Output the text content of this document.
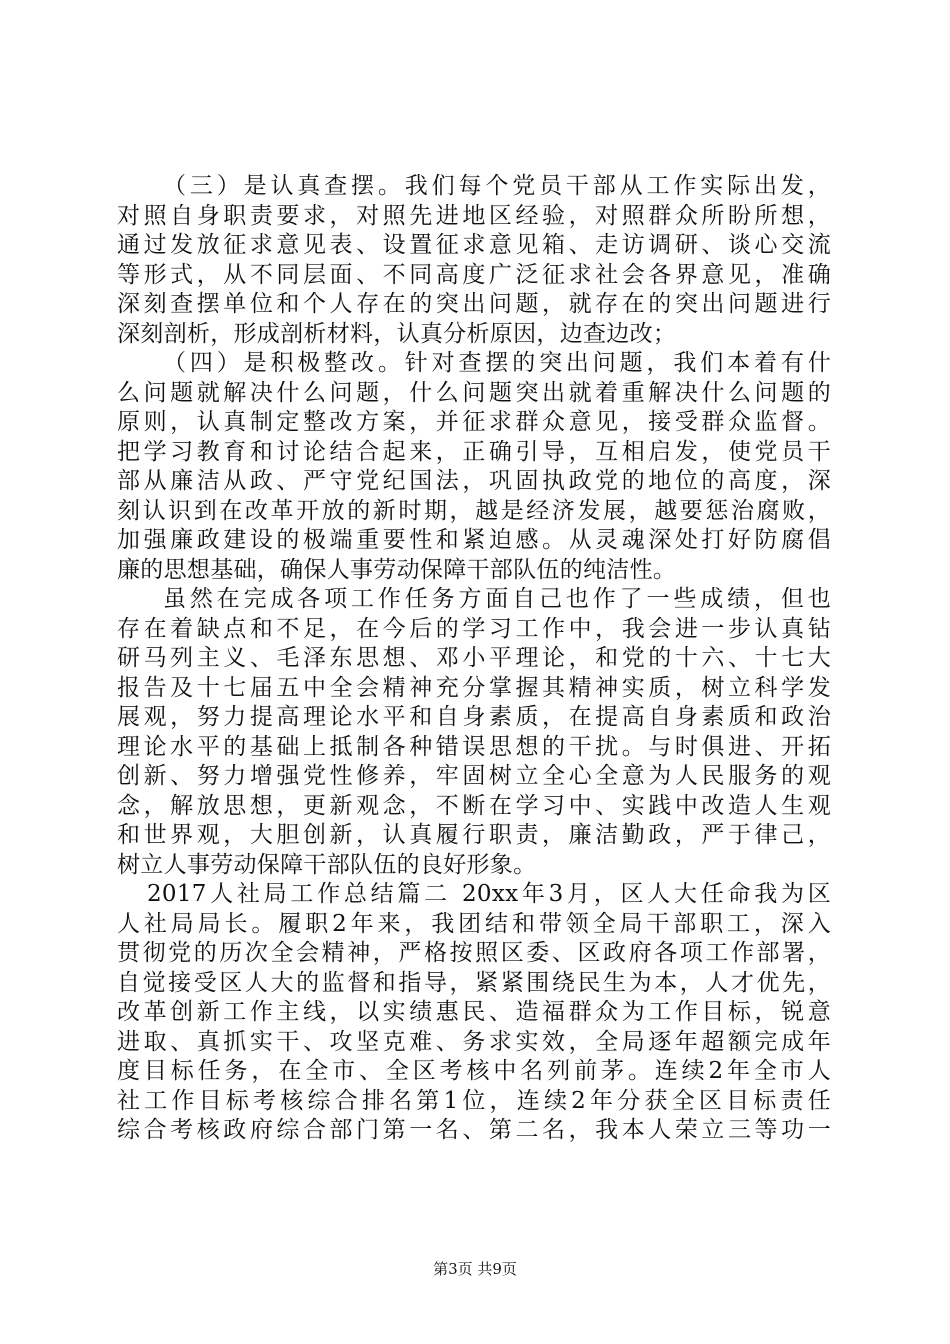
（三）是认真查摆。我们每个党员干部从工作实际出发，
对照自身职责要求，对照先进地区经验，对照群众所盼所想，
通过发放征求意见表、设置征求意见箱、走访调研、谈心交流
等形式，从不同层面、不同高度广泛征求社会各界意见，准确
深刻查摆单位和个人存在的突出问题，就存在的突出问题进行
深刻剖析，形成剖析材料，认真分析原因，边查边改；
（四）是积极整改。针对查摆的突出问题，我们本着有什
么问题就解决什么问题，什么问题突出就着重解决什么问题的
原则，认真制定整改方案，并征求群众意见，接受群众监督。
把学习教育和讨论结合起来，正确引导，互相启发，使党员干
部从廉洁从政、严守党纪国法，巩固执政党的地位的高度，深
刻认识到在改革开放的新时期，越是经济发展，越要惩治腐败，
加强廉政建设的极端重要性和紧迫感。从灵魂深处打好防腐倡
廉的思想基础，确保人事劳动保障干部队伍的纯洁性。
虽然在完成各项工作任务方面自己也作了一些成绩，但也
存在着缺点和不足，在今后的学习工作中，我会进一步认真钻
研马列主义、毛泽东思想、邓小平理论，和党的十六、十七大
报告及十七届五中全会精神充分掌握其精神实质，树立科学发
展观，努力提高理论水平和自身素质，在提高自身素质和政治
理论水平的基础上抵制各种错误思想的干扰。与时俱进、开拓
创新、努力增强党性修养，牢固树立全心全意为人民服务的观
念，解放思想，更新观念，不断在学习中、实践中改造人生观
和世界观，大胆创新，认真履行职责，廉洁勤政，严于律己，
树立人事劳动保障干部队伍的良好形象。
2017人社局工作总结篇二 20xx年3月，区人大任命我为区
人社局局长。履职2年来，我团结和带领全局干部职工，深入
贯彻党的历次全会精神，严格按照区委、区政府各项工作部署，
自觉接受区人大的监督和指导，紧紧围绕民生为本，人才优先，
改革创新工作主线，以实绩惠民、造福群众为工作目标，锐意
进取、真抓实干、攻坚克难、务求实效，全局逐年超额完成年
度目标任务，在全市、全区考核中名列前茅。连续2年全市人
社工作目标考核综合排名第1位，连续2年分获全区目标责任
综合考核政府综合部门第一名、第二名，我本人荣立三等功一
第3页 共9页
